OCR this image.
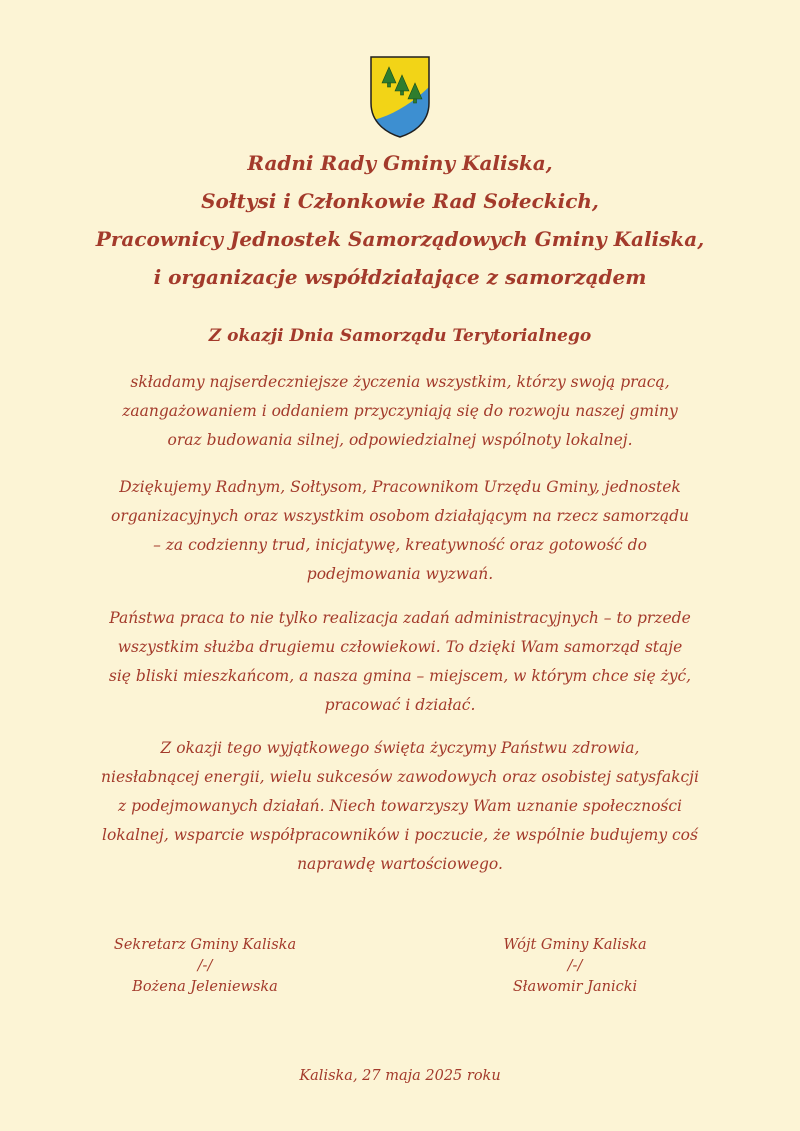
Radni Rady Gminy Kaliska,
Sołtysi i Członkowie Rad Sołeckich,
Pracownicy Jednostek Samorządowych Gminy Kaliska,
i organizacje współdziałające z samorządem
Z okazji Dnia Samorządu Terytorialnego
składamy najserdeczniejsze życzenia wszystkim, którzy swoją pracą,
zaangażowaniem i oddaniem przyczyniają się do rozwoju naszej gminy
oraz budowania silnej, odpowiedzialnej wspólnoty lokalnej.
Dziękujemy Radnym, Sołtysom, Pracownikom Urzędu Gminy, jednostek
organizacyjnych oraz wszystkim osobom działającym na rzecz samorządu
– za codzienny trud, inicjatywę, kreatywność oraz gotowość do
podejmowania wyzwań.
Państwa praca to nie tylko realizacja zadań administracyjnych – to przede
wszystkim służba drugiemu człowiekowi. To dzięki Wam samorząd staje
się bliski mieszkańcom, a nasza gmina – miejscem, w którym chce się żyć,
pracować i działać.
Z okazji tego wyjątkowego święta życzymy Państwu zdrowia,
niesłabnącej energii, wielu sukcesów zawodowych oraz osobistej satysfakcji
z podejmowanych działań. Niech towarzyszy Wam uznanie społeczności
lokalnej, wsparcie współpracowników i poczucie, że wspólnie budujemy coś
naprawdę wartościowego.
Sekretarz Gminy Kaliska
/-/
Bożena Jeleniewska
Wójt Gminy Kaliska
/-/
Sławomir Janicki
Kaliska, 27 maja 2025 roku
